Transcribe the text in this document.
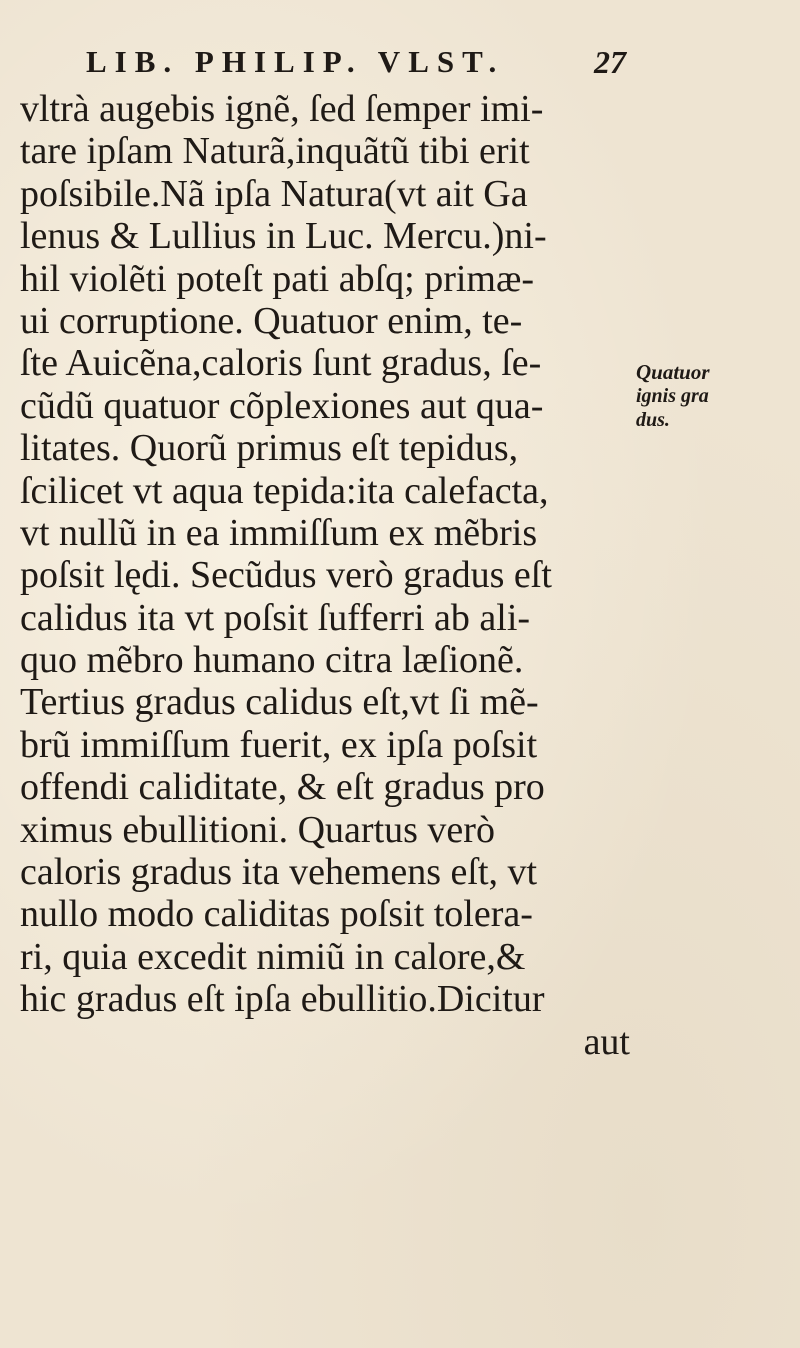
LIB. PHILIP. VLST.	27
vltrà augebis ignẽ, ſed ſemper imi-
tare ipſam Naturã,inquãtũ tibi erit
poſsibile.Nã ipſa Natura(vt ait Ga
lenus & Lullius in Luc. Mercu.)ni-
hil violẽti poteſt pati abſq; primæ-
ui corruptione. Quatuor enim, te-
ſte Auicẽna,caloris ſunt gradus, ſe-
cũdũ quatuor cõplexiones aut qua-
litates. Quorũ primus eſt tepidus,
ſcilicet vt aqua tepida:ita calefacta,
vt nullũ in ea immiſſum ex mẽbris
poſsit lędi. Secũdus verò gradus eſt
calidus ita vt poſsit ſufferri ab ali-
quo mẽbro humano citra læſionẽ.
Tertius gradus calidus eſt,vt ſi mẽ-
brũ immiſſum fuerit, ex ipſa poſsit
offendi caliditate, & eſt gradus pro
ximus ebullitioni. Quartus verò
caloris gradus ita vehemens eſt, vt
nullo modo caliditas poſsit tolera-
ri, quia excedit nimiũ in calore,&
hic gradus eſt ipſa ebullitio.Dicitur
aut
Quatuor
ignis gra
dus.
